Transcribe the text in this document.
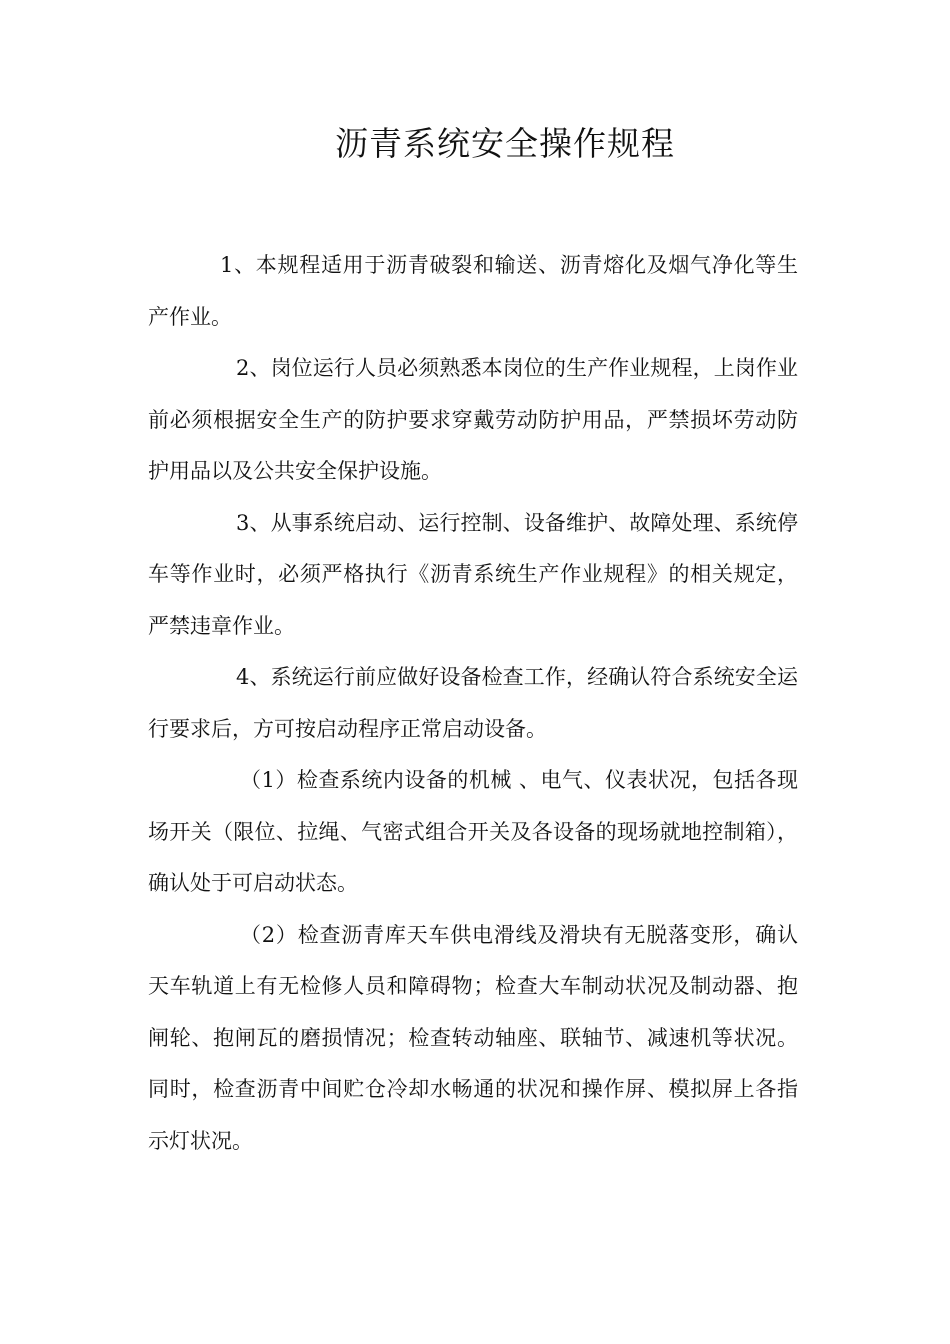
沥青系统安全操作规程

1、本规程适用于沥青破裂和输送、沥青熔化及烟气净化等生产作业。

2、岗位运行人员必须熟悉本岗位的生产作业规程，上岗作业前必须根据安全生产的防护要求穿戴劳动防护用品，严禁损坏劳动防护用品以及公共安全保护设施。

3、从事系统启动、运行控制、设备维护、故障处理、系统停车等作业时，必须严格执行《沥青系统生产作业规程》的相关规定，严禁违章作业。

4、系统运行前应做好设备检查工作，经确认符合系统安全运行要求后，方可按启动程序正常启动设备。

（1）检查系统内设备的机械 、电气、仪表状况，包括各现场开关（限位、拉绳、气密式组合开关及各设备的现场就地控制箱），确认处于可启动状态。

（2）检查沥青库天车供电滑线及滑块有无脱落变形，确认天车轨道上有无检修人员和障碍物；检查大车制动状况及制动器、抱闸轮、抱闸瓦的磨损情况；检查转动轴座、联轴节、减速机等状况。同时，检查沥青中间贮仓冷却水畅通的状况和操作屏、模拟屏上各指示灯状况。
